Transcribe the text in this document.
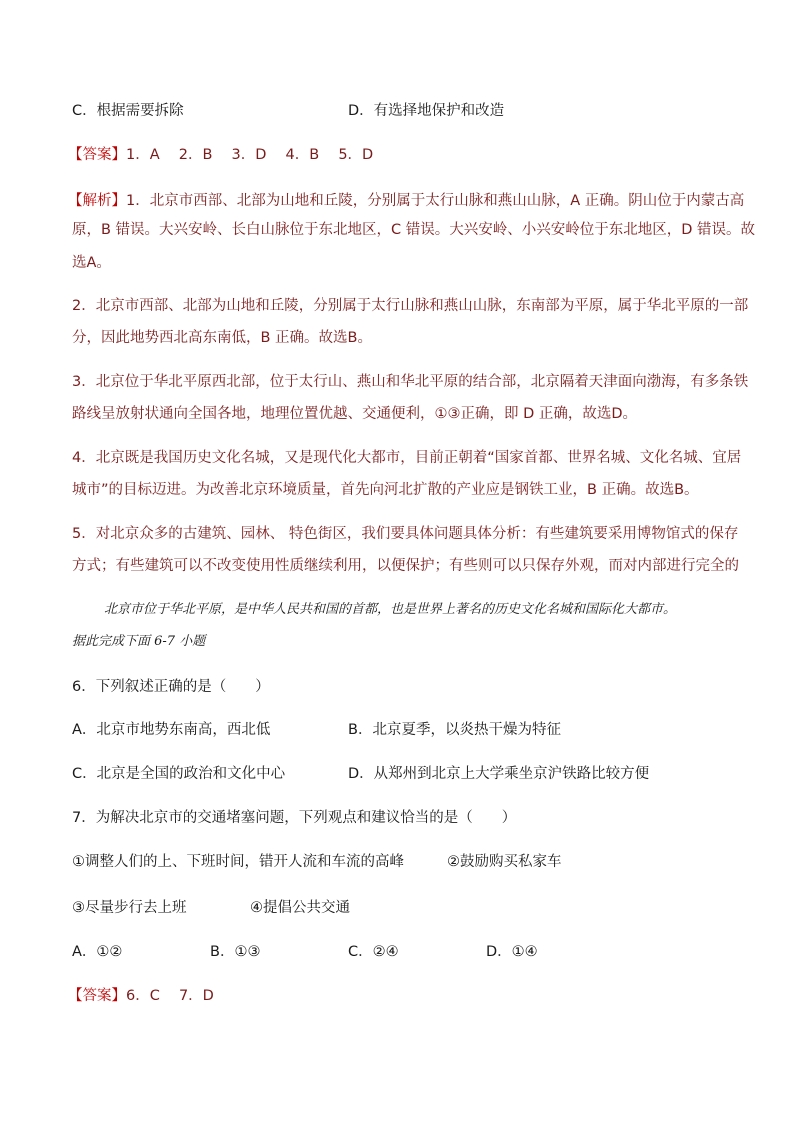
C．根据需要拆除	D．有选择地保护和改造
【答案】1．A　 2．B　 3．D　 4．B　 5．D
【解析】1．北京市西部、北部为山地和丘陵，分别属于太行山脉和燕山山脉，A 正确。阴山位于内蒙古高
原，B 错误。大兴安岭、长白山脉位于东北地区，C 错误。大兴安岭、小兴安岭位于东北地区，D 错误。故
选A。
2．北京市西部、北部为山地和丘陵，分别属于太行山脉和燕山山脉，东南部为平原，属于华北平原的一部
分，因此地势西北高东南低，B 正确。故选B。
3．北京位于华北平原西北部，位于太行山、燕山和华北平原的结合部，北京隔着天津面向渤海，有多条铁
路线呈放射状通向全国各地，地理位置优越、交通便利，①③正确，即 D 正确，故选D。
4．北京既是我国历史文化名城，又是现代化大都市，目前正朝着“国家首都、世界名城、文化名城、宜居
城市”的目标迈进。为改善北京环境质量，首先向河北扩散的产业应是钢铁工业，B 正确。故选B。
5．对北京众多的古建筑、园林、 特色街区，我们要具体问题具体分析：有些建筑要采用博物馆式的保存
方式；有些建筑可以不改变使用性质继续利用，以便保护；有些则可以只保存外观，而对内部进行完全的
北京市位于华北平原，是中华人民共和国的首都，也是世界上著名的历史文化名城和国际化大都市。
据此完成下面 6-7 小题
6．下列叙述正确的是（　　）
A．北京市地势东南高，西北低	B．北京夏季，以炎热干燥为特征
C．北京是全国的政治和文化中心	D．从郑州到北京上大学乘坐京沪铁路比较方便
7．为解决北京市的交通堵塞问题，下列观点和建议恰当的是（　　）
①调整人们的上、下班时间，错开人流和车流的高峰	②鼓励购买私家车
③尽量步行去上班	④提倡公共交通
A．①②	B．①③	C．②④	D．①④
【答案】6．C　 7．D
